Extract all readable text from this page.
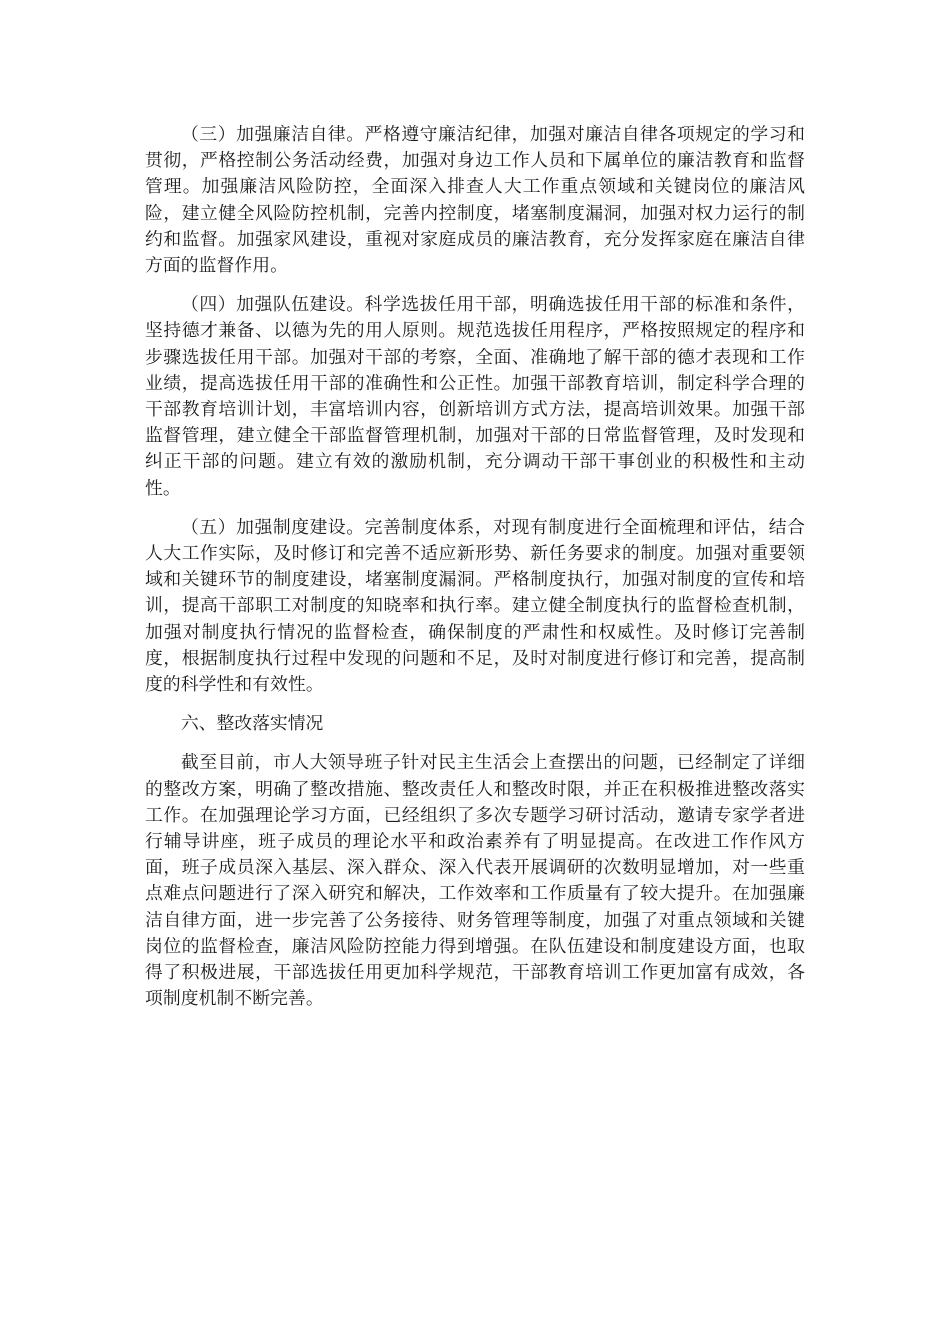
（三）加强廉洁自律。严格遵守廉洁纪律，加强对廉洁自律各项规定的学习和贯彻，严格控制公务活动经费，加强对身边工作人员和下属单位的廉洁教育和监督管理。加强廉洁风险防控，全面深入排查人大工作重点领域和关键岗位的廉洁风险，建立健全风险防控机制，完善内控制度，堵塞制度漏洞，加强对权力运行的制约和监督。加强家风建设，重视对家庭成员的廉洁教育，充分发挥家庭在廉洁自律方面的监督作用。

（四）加强队伍建设。科学选拔任用干部，明确选拔任用干部的标准和条件，坚持德才兼备、以德为先的用人原则。规范选拔任用程序，严格按照规定的程序和步骤选拔任用干部。加强对干部的考察，全面、准确地了解干部的德才表现和工作业绩，提高选拔任用干部的准确性和公正性。加强干部教育培训，制定科学合理的干部教育培训计划，丰富培训内容，创新培训方式方法，提高培训效果。加强干部监督管理，建立健全干部监督管理机制，加强对干部的日常监督管理，及时发现和纠正干部的问题。建立有效的激励机制，充分调动干部干事创业的积极性和主动性。

（五）加强制度建设。完善制度体系，对现有制度进行全面梳理和评估，结合人大工作实际，及时修订和完善不适应新形势、新任务要求的制度。加强对重要领域和关键环节的制度建设，堵塞制度漏洞。严格制度执行，加强对制度的宣传和培训，提高干部职工对制度的知晓率和执行率。建立健全制度执行的监督检查机制，加强对制度执行情况的监督检查，确保制度的严肃性和权威性。及时修订完善制度，根据制度执行过程中发现的问题和不足，及时对制度进行修订和完善，提高制度的科学性和有效性。

六、整改落实情况

截至目前，市人大领导班子针对民主生活会上查摆出的问题，已经制定了详细的整改方案，明确了整改措施、整改责任人和整改时限，并正在积极推进整改落实工作。在加强理论学习方面，已经组织了多次专题学习研讨活动，邀请专家学者进行辅导讲座，班子成员的理论水平和政治素养有了明显提高。在改进工作作风方面，班子成员深入基层、深入群众、深入代表开展调研的次数明显增加，对一些重点难点问题进行了深入研究和解决，工作效率和工作质量有了较大提升。在加强廉洁自律方面，进一步完善了公务接待、财务管理等制度，加强了对重点领域和关键岗位的监督检查，廉洁风险防控能力得到增强。在队伍建设和制度建设方面，也取得了积极进展，干部选拔任用更加科学规范，干部教育培训工作更加富有成效，各项制度机制不断完善。
